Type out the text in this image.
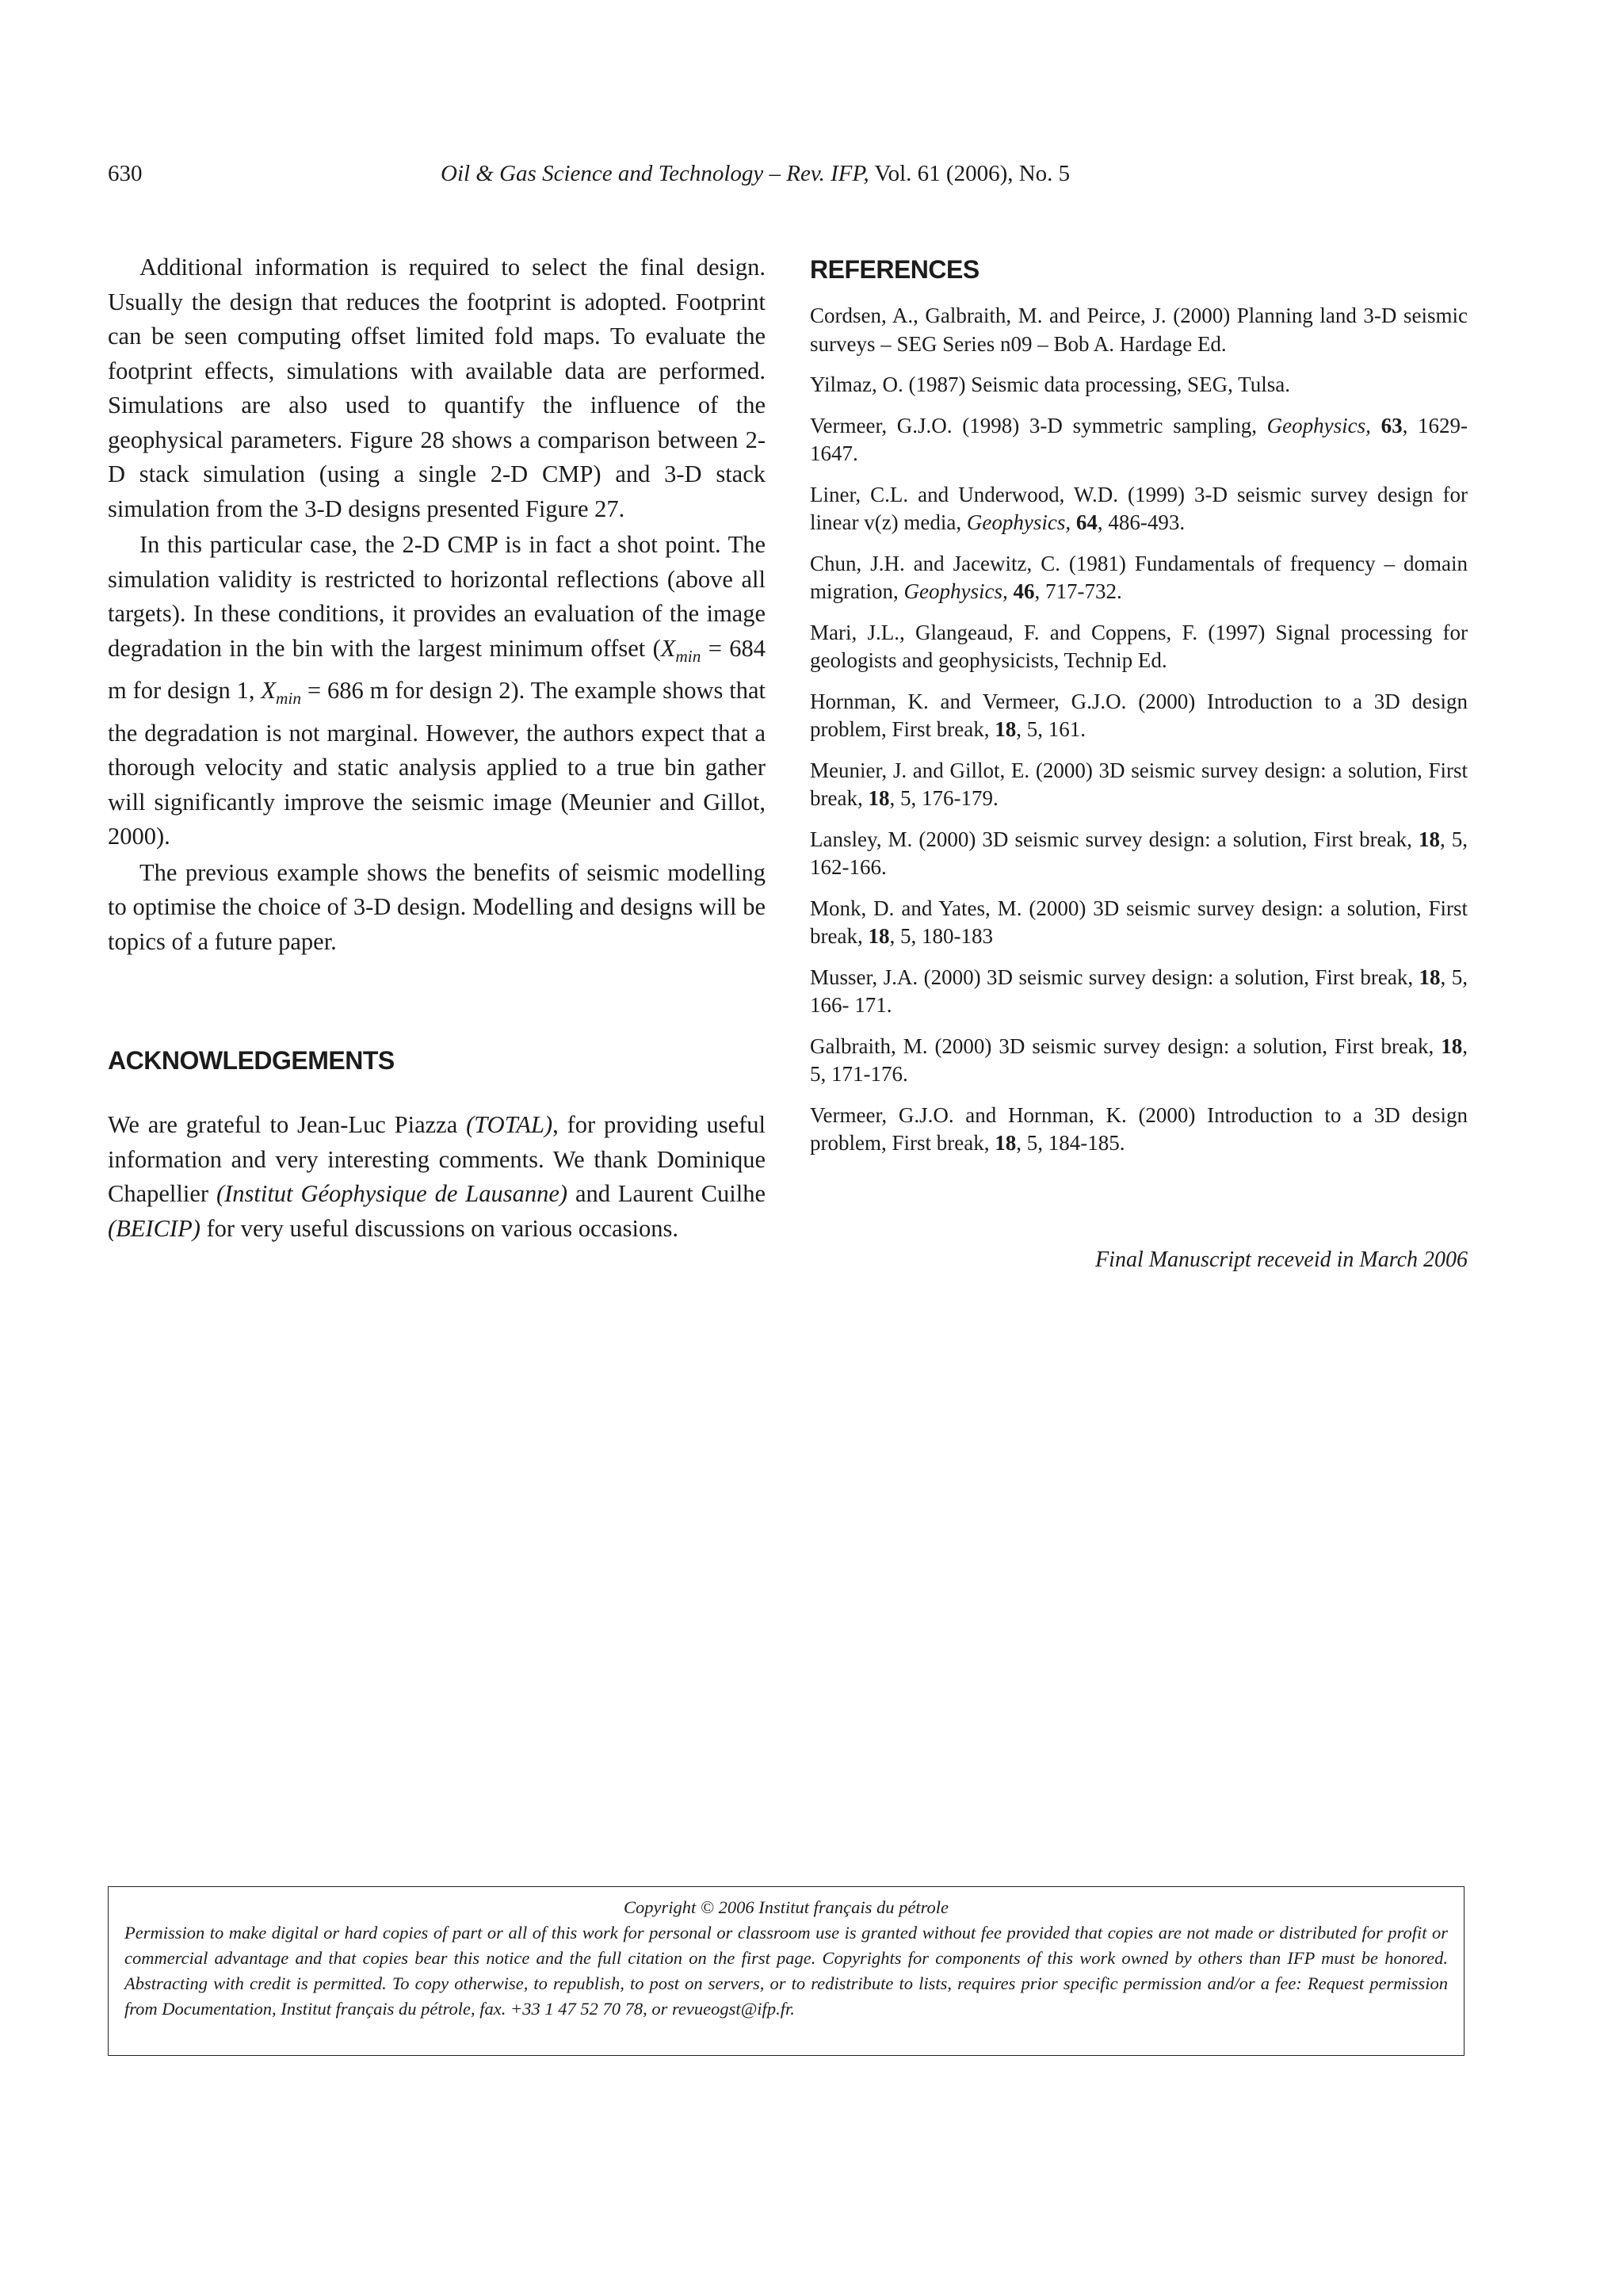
630	Oil & Gas Science and Technology – Rev. IFP, Vol. 61 (2006), No. 5

Additional information is required to select the final design. Usually the design that reduces the footprint is adopted. Footprint can be seen computing offset limited fold maps. To evaluate the footprint effects, simulations with available data are performed. Simulations are also used to quantify the influence of the geophysical parameters. Figure 28 shows a comparison between 2-D stack simulation (using a single 2-D CMP) and 3-D stack simulation from the 3-D designs presented Figure 27.

In this particular case, the 2-D CMP is in fact a shot point. The simulation validity is restricted to horizontal reflections (above all targets). In these conditions, it provides an evaluation of the image degradation in the bin with the largest minimum offset ($X_{min} = 684$ m for design 1, $X_{min} = 686$ m for design 2). The example shows that the degradation is not marginal. However, the authors expect that a thorough velocity and static analysis applied to a true bin gather will significantly improve the seismic image (Meunier and Gillot, 2000).

The previous example shows the benefits of seismic modelling to optimise the choice of 3-D design. Modelling and designs will be topics of a future paper.

ACKNOWLEDGEMENTS

We are grateful to Jean-Luc Piazza (TOTAL), for providing useful information and very interesting comments. We thank Dominique Chapellier (Institut Géophysique de Lausanne) and Laurent Cuilhe (BEICIP) for very useful discussions on various occasions.

REFERENCES

Cordsen, A., Galbraith, M. and Peirce, J. (2000) Planning land 3-D seismic surveys – SEG Series n09 – Bob A. Hardage Ed.

Yilmaz, O. (1987) Seismic data processing, SEG, Tulsa.

Vermeer, G.J.O. (1998) 3-D symmetric sampling, Geophysics, 63, 1629-1647.

Liner, C.L. and Underwood, W.D. (1999) 3-D seismic survey design for linear v(z) media, Geophysics, 64, 486-493.

Chun, J.H. and Jacewitz, C. (1981) Fundamentals of frequency – domain migration, Geophysics, 46, 717-732.

Mari, J.L., Glangeaud, F. and Coppens, F. (1997) Signal processing for geologists and geophysicists, Technip Ed.

Hornman, K. and Vermeer, G.J.O. (2000) Introduction to a 3D design problem, First break, 18, 5, 161.

Meunier, J. and Gillot, E. (2000) 3D seismic survey design: a solution, First break, 18, 5, 176-179.

Lansley, M. (2000) 3D seismic survey design: a solution, First break, 18, 5, 162-166.

Monk, D. and Yates, M. (2000) 3D seismic survey design: a solution, First break, 18, 5, 180-183

Musser, J.A. (2000) 3D seismic survey design: a solution, First break, 18, 5, 166- 171.

Galbraith, M. (2000) 3D seismic survey design: a solution, First break, 18, 5, 171-176.

Vermeer, G.J.O. and Hornman, K. (2000) Introduction to a 3D design problem, First break, 18, 5, 184-185.

Final Manuscript receveid in March 2006
Copyright © 2006 Institut français du pétrole
Permission to make digital or hard copies of part or all of this work for personal or classroom use is granted without fee provided that copies are not made or distributed for profit or commercial advantage and that copies bear this notice and the full citation on the first page. Copyrights for components of this work owned by others than IFP must be honored. Abstracting with credit is permitted. To copy otherwise, to republish, to post on servers, or to redistribute to lists, requires prior specific permission and/or a fee: Request permission from Documentation, Institut français du pétrole, fax. +33 1 47 52 70 78, or revueogst@ifp.fr.
